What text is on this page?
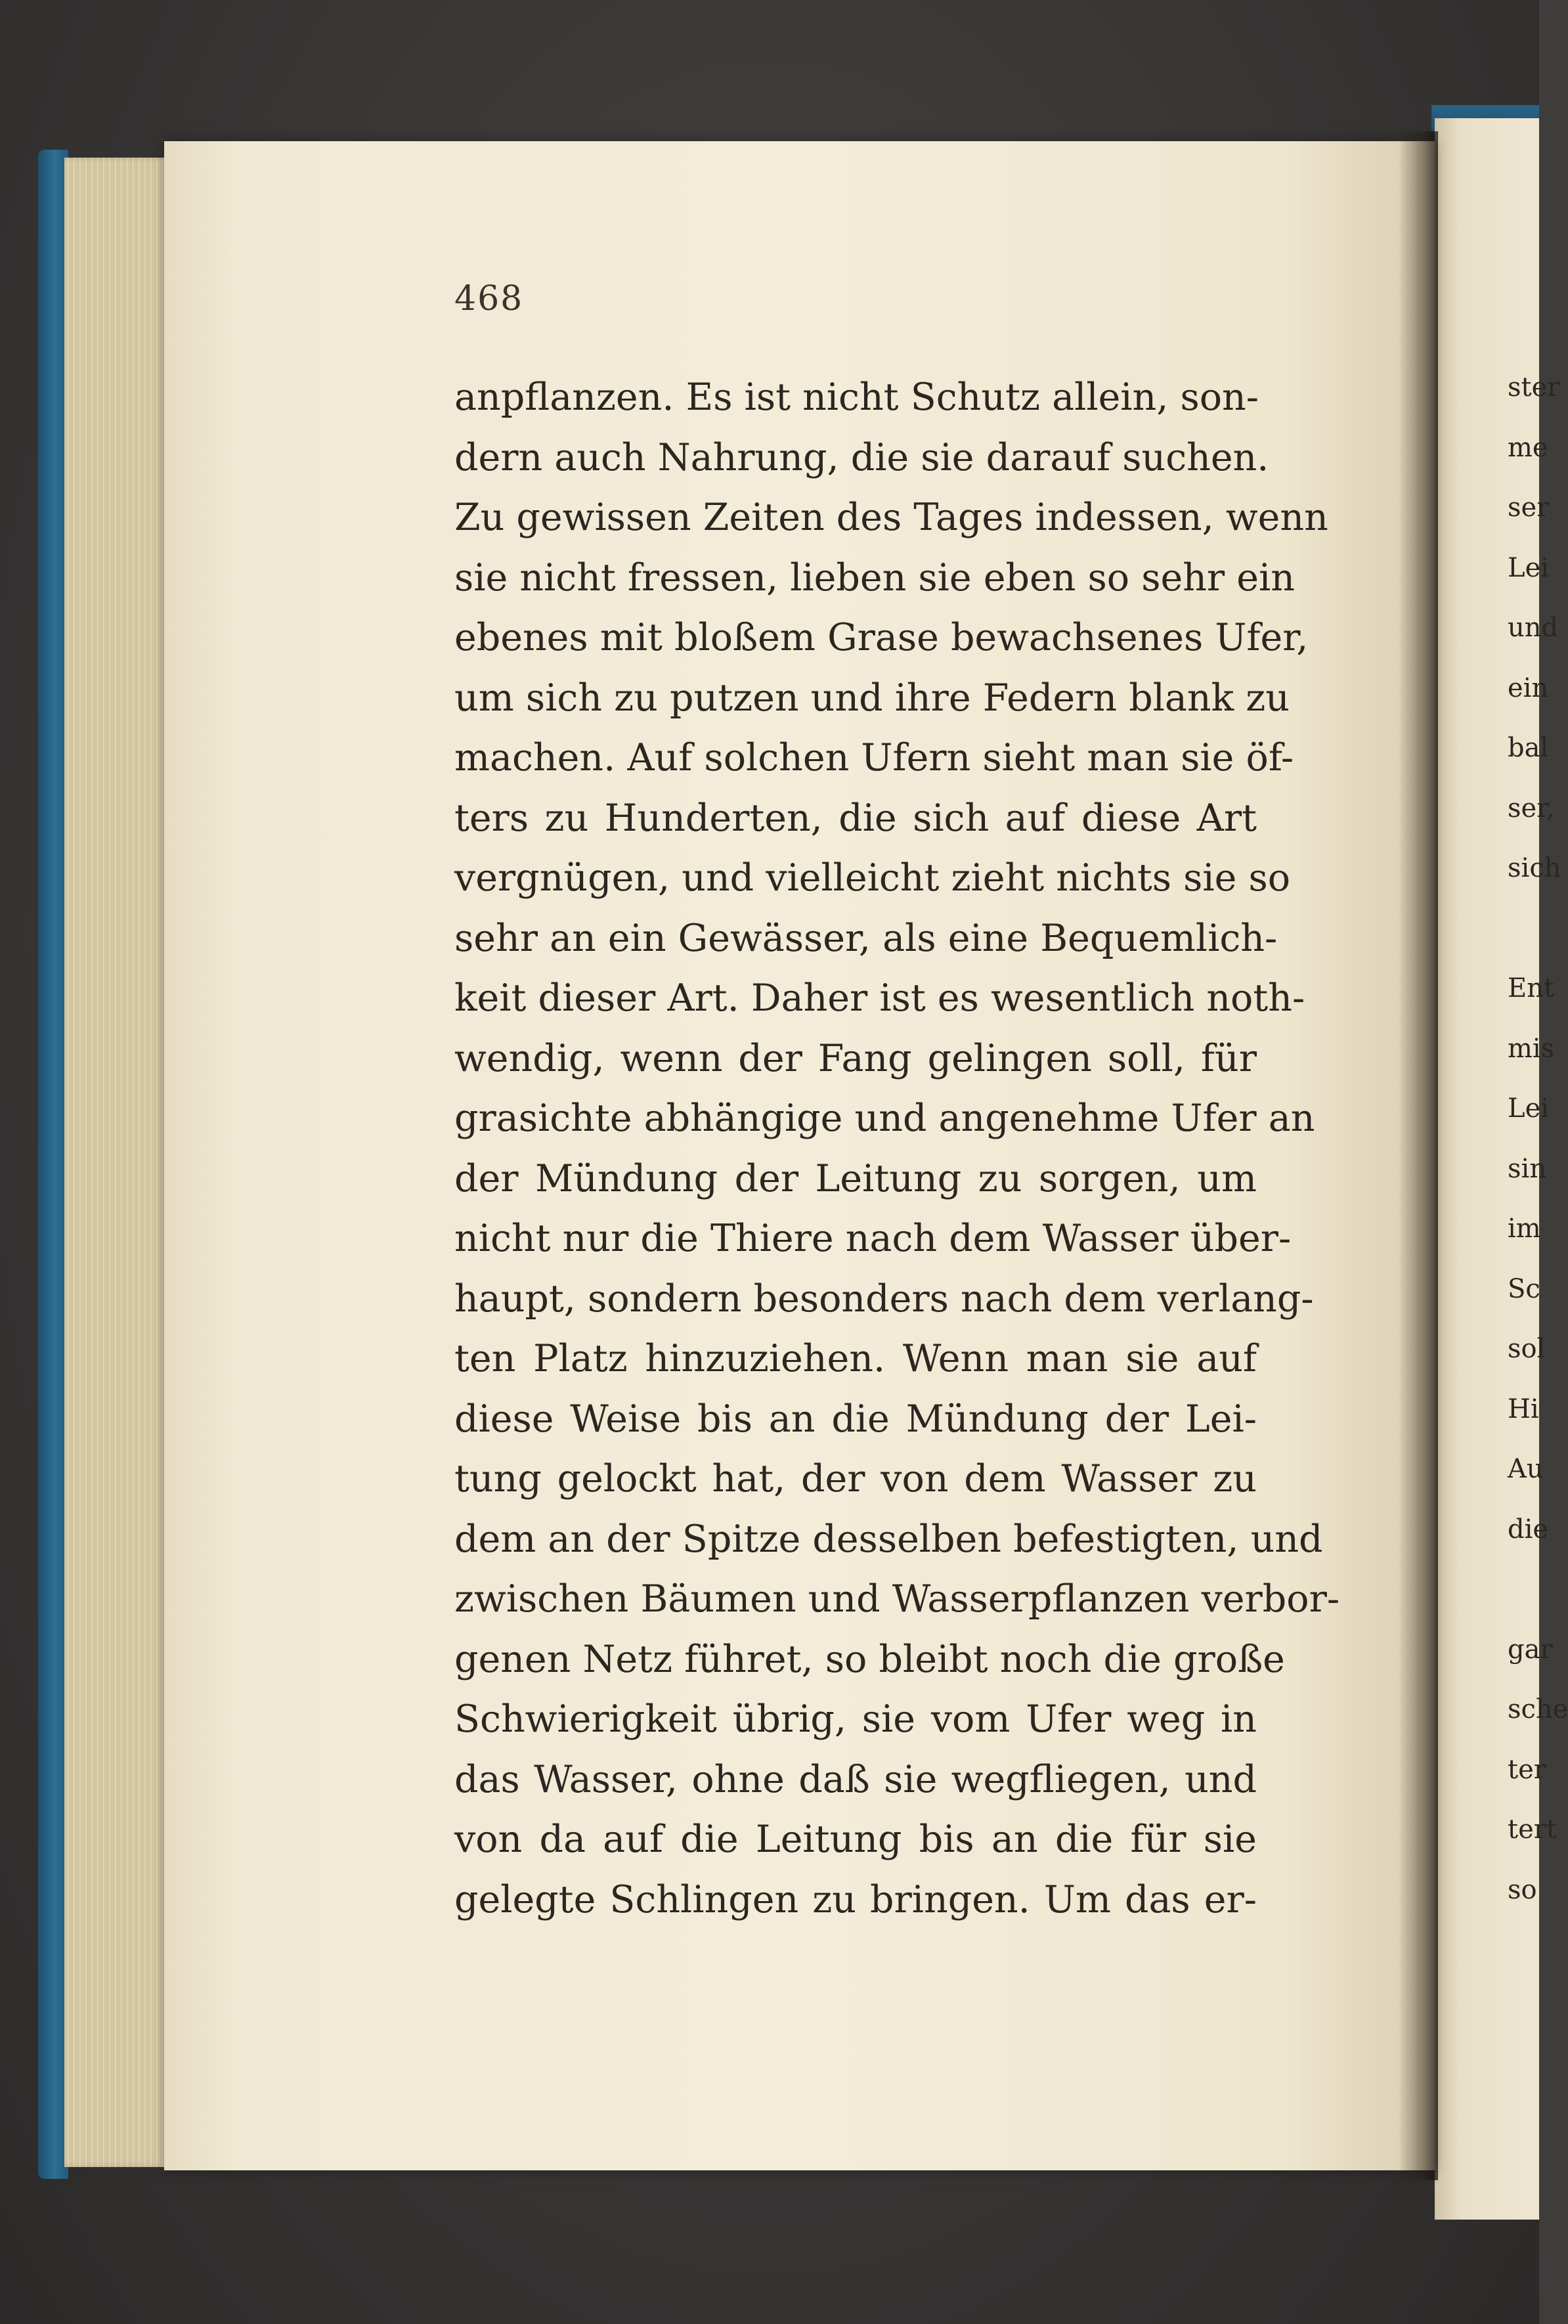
468
anpflanzen. Es ist nicht Schutz allein, son-
dern auch Nahrung, die sie darauf suchen.
Zu gewissen Zeiten des Tages indessen, wenn
sie nicht fressen, lieben sie eben so sehr ein
ebenes mit bloßem Grase bewachsenes Ufer,
um sich zu putzen und ihre Federn blank zu
machen. Auf solchen Ufern sieht man sie öf-
ters zu Hunderten, die sich auf diese Art
vergnügen, und vielleicht zieht nichts sie so
sehr an ein Gewässer, als eine Bequemlich-
keit dieser Art. Daher ist es wesentlich noth-
wendig, wenn der Fang gelingen soll, für
grasichte abhängige und angenehme Ufer an
der Mündung der Leitung zu sorgen, um
nicht nur die Thiere nach dem Wasser über-
haupt, sondern besonders nach dem verlang-
ten Platz hinzuziehen. Wenn man sie auf
diese Weise bis an die Mündung der Lei-
tung gelockt hat, der von dem Wasser zu
dem an der Spitze desselben befestigten, und
zwischen Bäumen und Wasserpflanzen verbor-
genen Netz führet, so bleibt noch die große
Schwierigkeit übrig, sie vom Ufer weg in
das Wasser, ohne daß sie wegfliegen, und
von da auf die Leitung bis an die für sie
gelegte Schlingen zu bringen. Um das er-
ster
me
ser
Lei
und
ein
bal
ser,
sich
Ent
mis
Lei
sin
im
Sc
sol
Hi
Au
die
gar
sche
ter
tert
so
